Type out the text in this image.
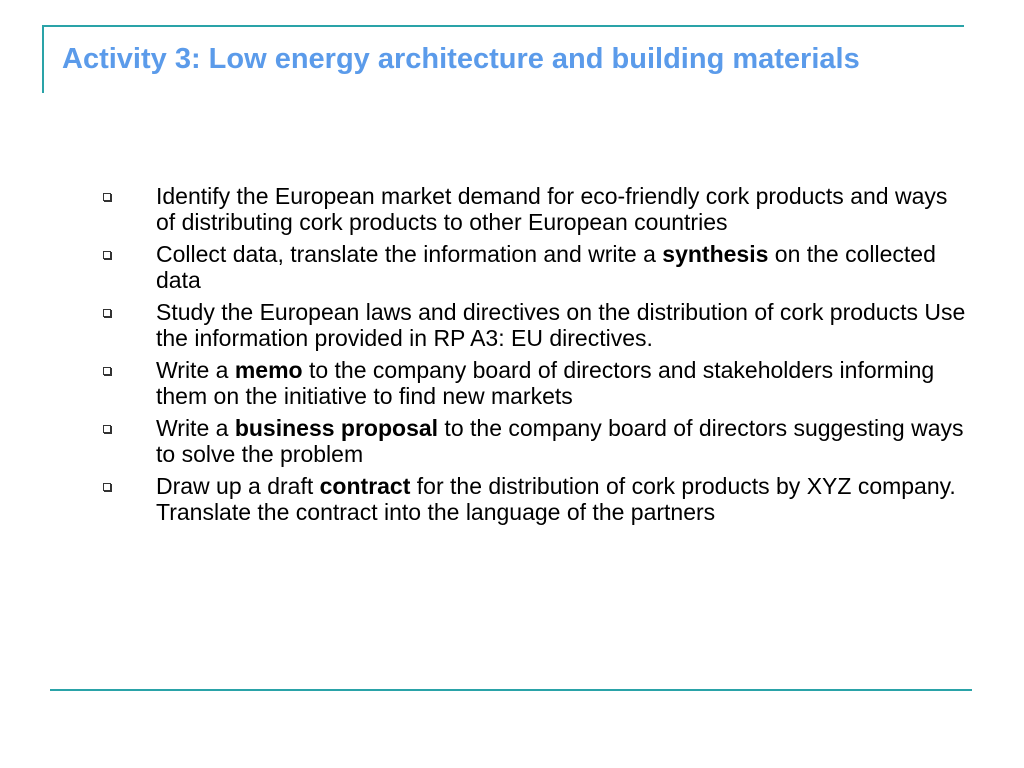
Activity 3: Low energy architecture and building materials
Identify the European market demand for eco-friendly cork products and ways of distributing cork products to other European countries
Collect data, translate the information and write a synthesis on the collected data
Study the European laws and directives on the distribution of cork products Use the information provided in RP A3: EU directives.
Write a memo to the company board of directors and stakeholders informing them on the initiative to find new markets
Write a business proposal to the company board of directors suggesting ways to solve the problem
Draw up a draft contract for the distribution of cork products by XYZ company. Translate the contract into the language of the partners
